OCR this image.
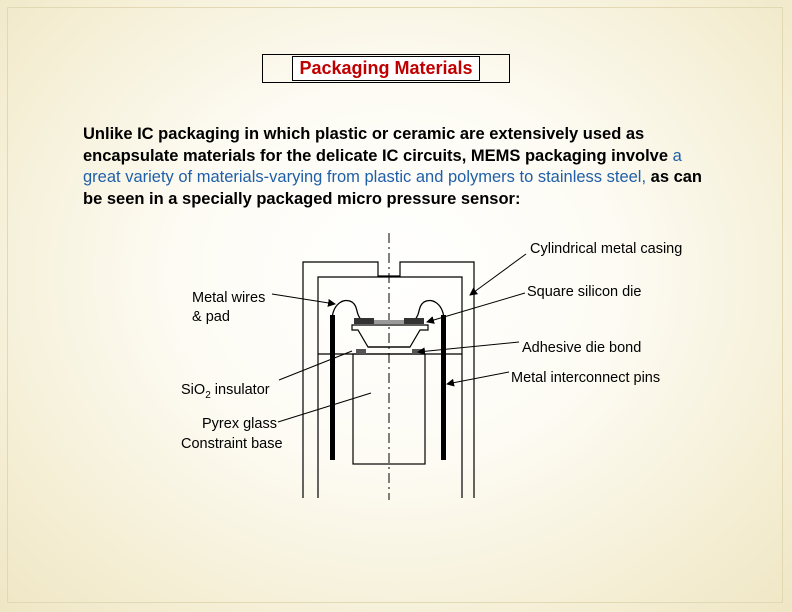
Packaging Materials

Unlike IC packaging in which plastic or ceramic are extensively used as encapsulate materials for the delicate IC circuits, MEMS packaging involve a great variety of materials-varying from plastic and polymers to stainless steel, as can be seen in a specially packaged micro pressure sensor:

Cylindrical metal casing
Metal wires
& pad
Square silicon die
Adhesive die bond
SiO$_2$ insulator
Metal interconnect pins
Pyrex glass
Constraint base
